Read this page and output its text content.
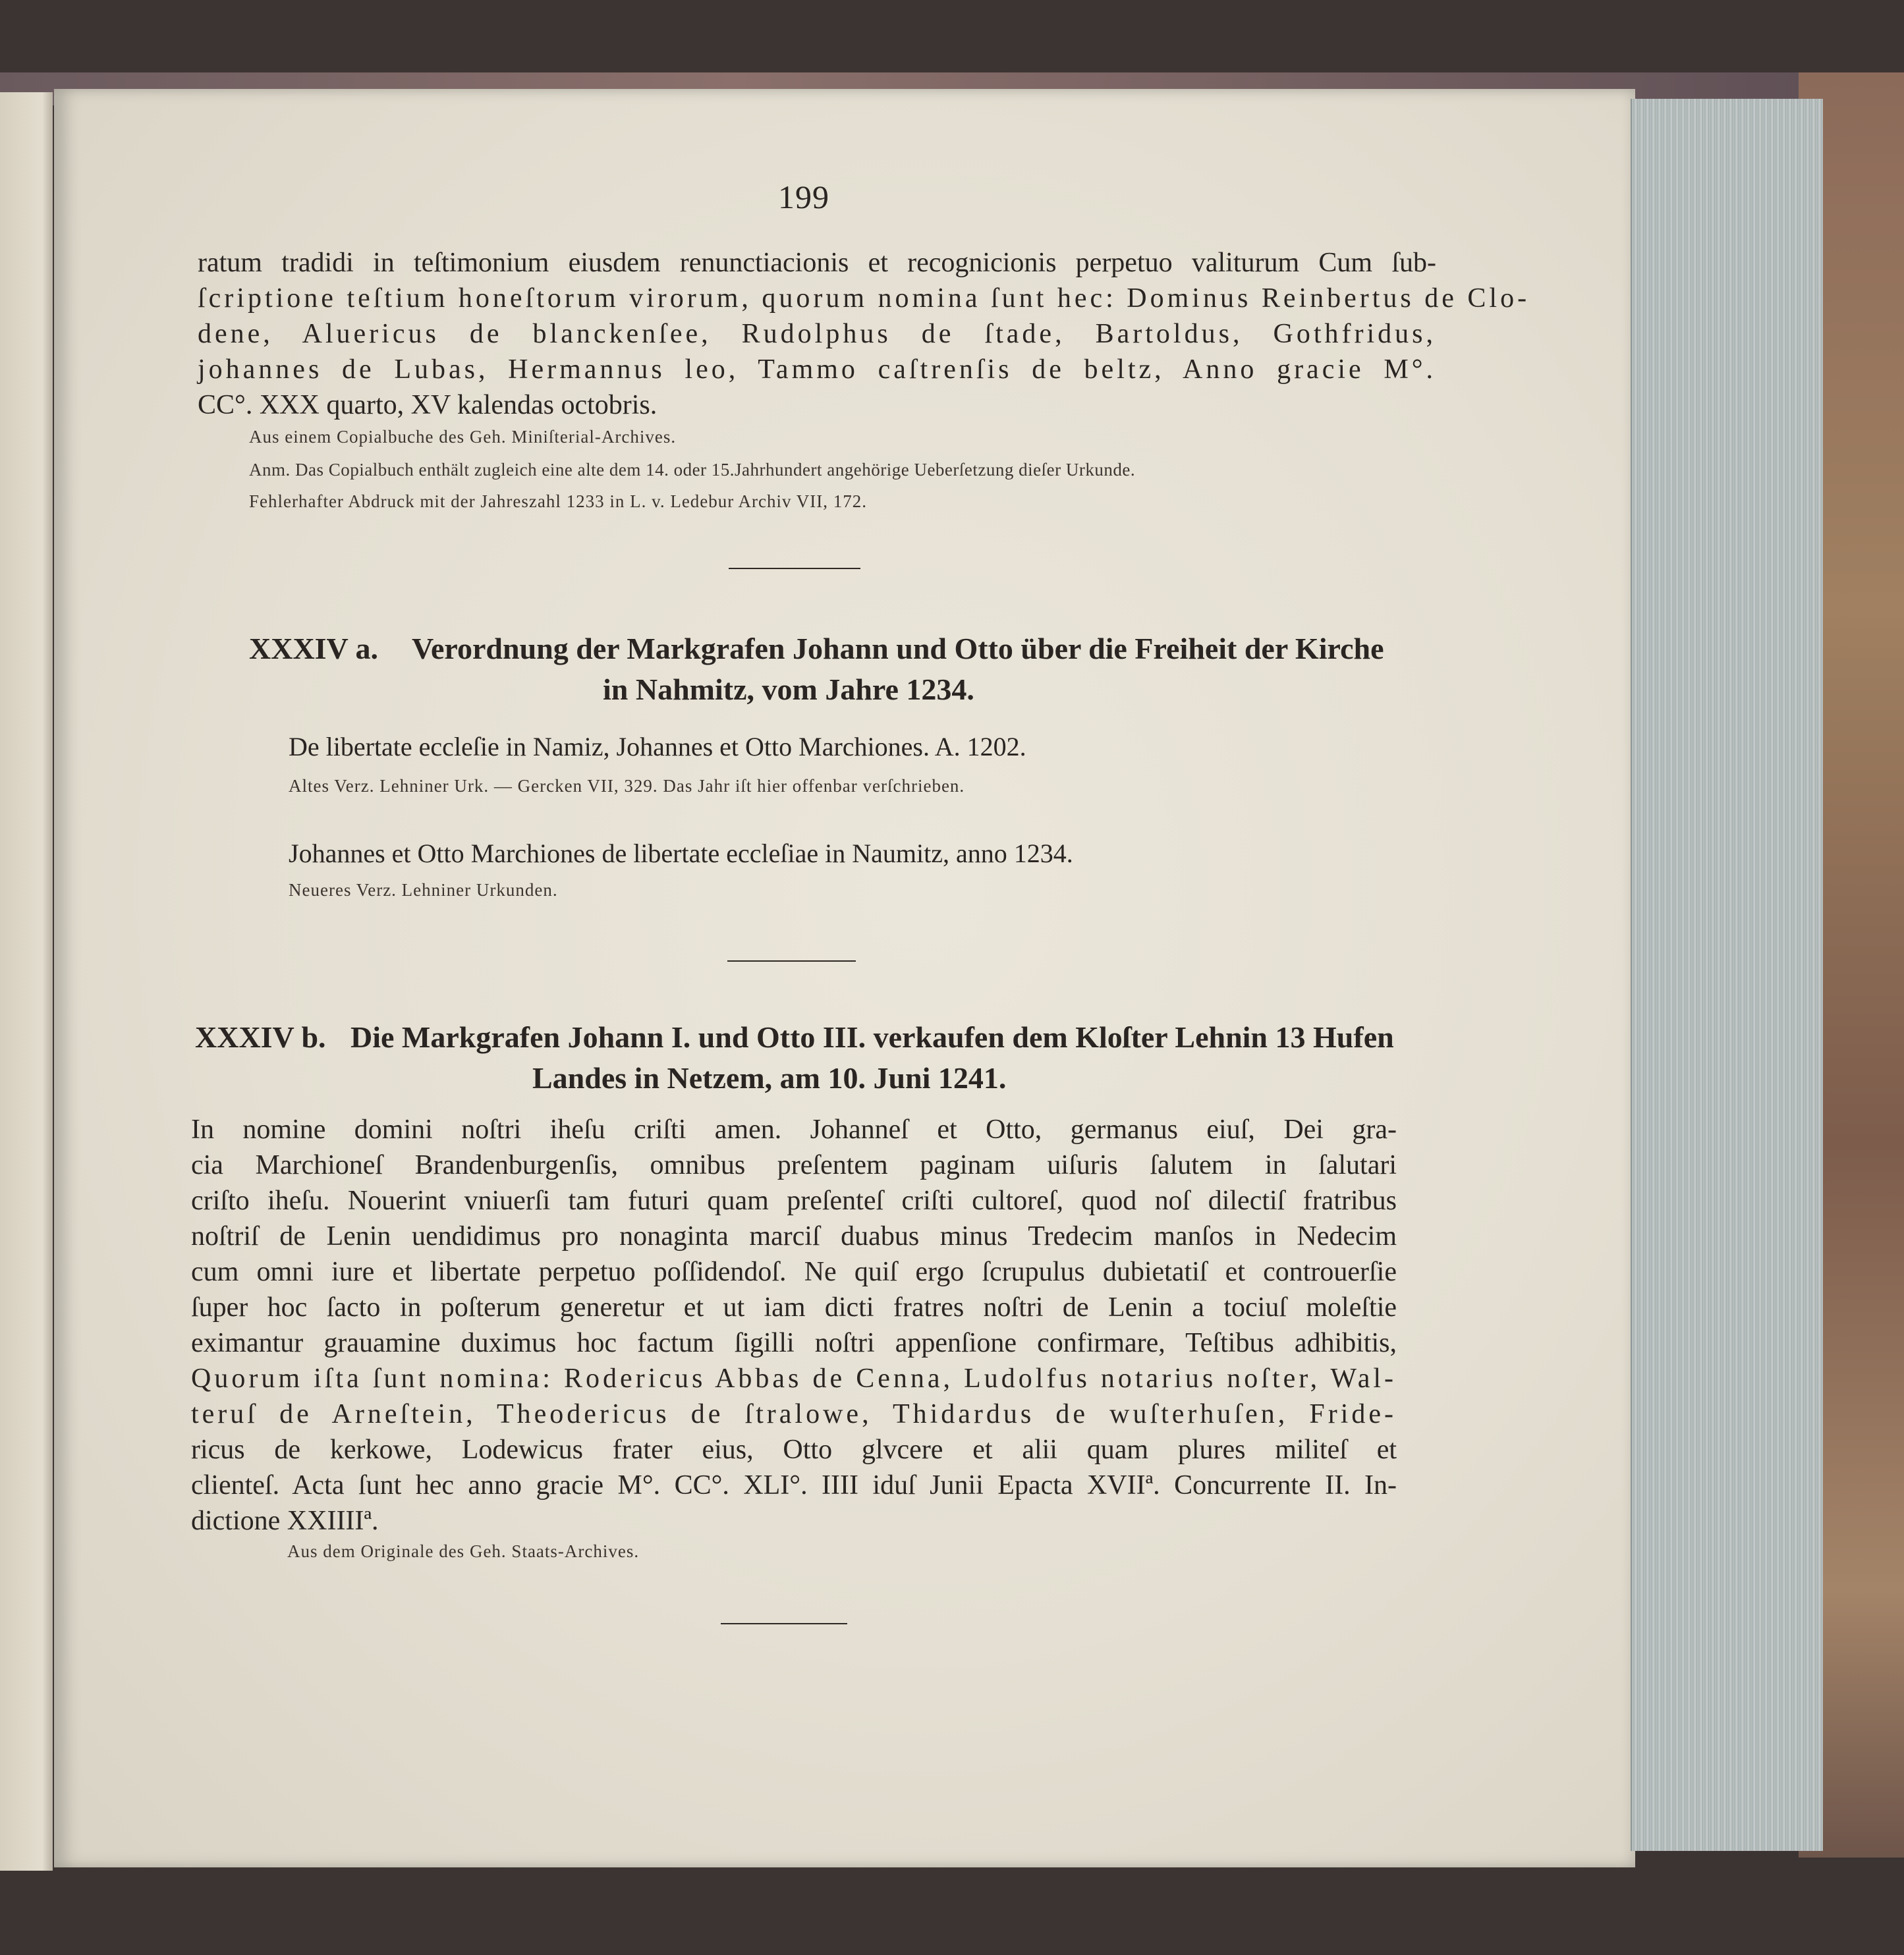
199
ratum tradidi in teſtimonium eiusdem renunctiacionis et recognicionis perpetuo valiturum Cum ſub-
ſcriptione teſtium honeſtorum virorum, quorum nomina ſunt hec: Dominus Reinbertus de Clo-
dene, Aluericus de blanckenſee, Rudolphus de ſtade, Bartoldus, Gothfridus,
johannes de Lubas, Hermannus leo, Tammo caſtrenſis de beltz, Anno gracie M°.
CC°. XXX quarto, XV kalendas octobris.
Aus einem Copialbuche des Geh. Miniſterial-Archives.
Anm. Das Copialbuch enthält zugleich eine alte dem 14. oder 15.Jahrhundert angehörige Ueberſetzung dieſer Urkunde.
Fehlerhafter Abdruck mit der Jahreszahl 1233 in L. v. Ledebur Archiv VII, 172.
XXXIV a. Verordnung der Markgrafen Johann und Otto über die Freiheit der Kirche
in Nahmitz, vom Jahre 1234.
De libertate eccleſie in Namiz, Johannes et Otto Marchiones. A. 1202.
Altes Verz. Lehniner Urk. — Gercken VII, 329. Das Jahr iſt hier offenbar verſchrieben.
Johannes et Otto Marchiones de libertate eccleſiae in Naumitz, anno 1234.
Neueres Verz. Lehniner Urkunden.
XXXIV b. Die Markgrafen Johann I. und Otto III. verkaufen dem Kloſter Lehnin 13 Hufen
Landes in Netzem, am 10. Juni 1241.
In nomine domini noſtri iheſu criſti amen. Johanneſ et Otto, germanus eiuſ, Dei gra-
cia Marchioneſ Brandenburgenſis, omnibus preſentem paginam uiſuris ſalutem in ſalutari
criſto iheſu. Nouerint vniuerſi tam futuri quam preſenteſ criſti cultoreſ, quod noſ dilectiſ fratribus
noſtriſ de Lenin uendidimus pro nonaginta marciſ duabus minus Tredecim manſos in Nedecim
cum omni iure et libertate perpetuo poſſidendoſ. Ne quiſ ergo ſcrupulus dubietatiſ et controuerſie
ſuper hoc ſacto in poſterum generetur et ut iam dicti fratres noſtri de Lenin a tociuſ moleſtie
eximantur grauamine duximus hoc factum ſigilli noſtri appenſione confirmare, Teſtibus adhibitis,
Quorum iſta ſunt nomina: Rodericus Abbas de Cenna, Ludolfus notarius noſter, Wal-
teruſ de Arneſtein, Theodericus de ſtralowe, Thidardus de wuſterhuſen, Fride-
ricus de kerkowe, Lodewicus frater eius, Otto glvcere et alii quam plures militeſ et
clienteſ. Acta ſunt hec anno gracie M°. CC°. XLI°. IIII iduſ Junii Epacta XVIIª. Concurrente II. In-
dictione XXIIIIª.
Aus dem Originale des Geh. Staats-Archives.
